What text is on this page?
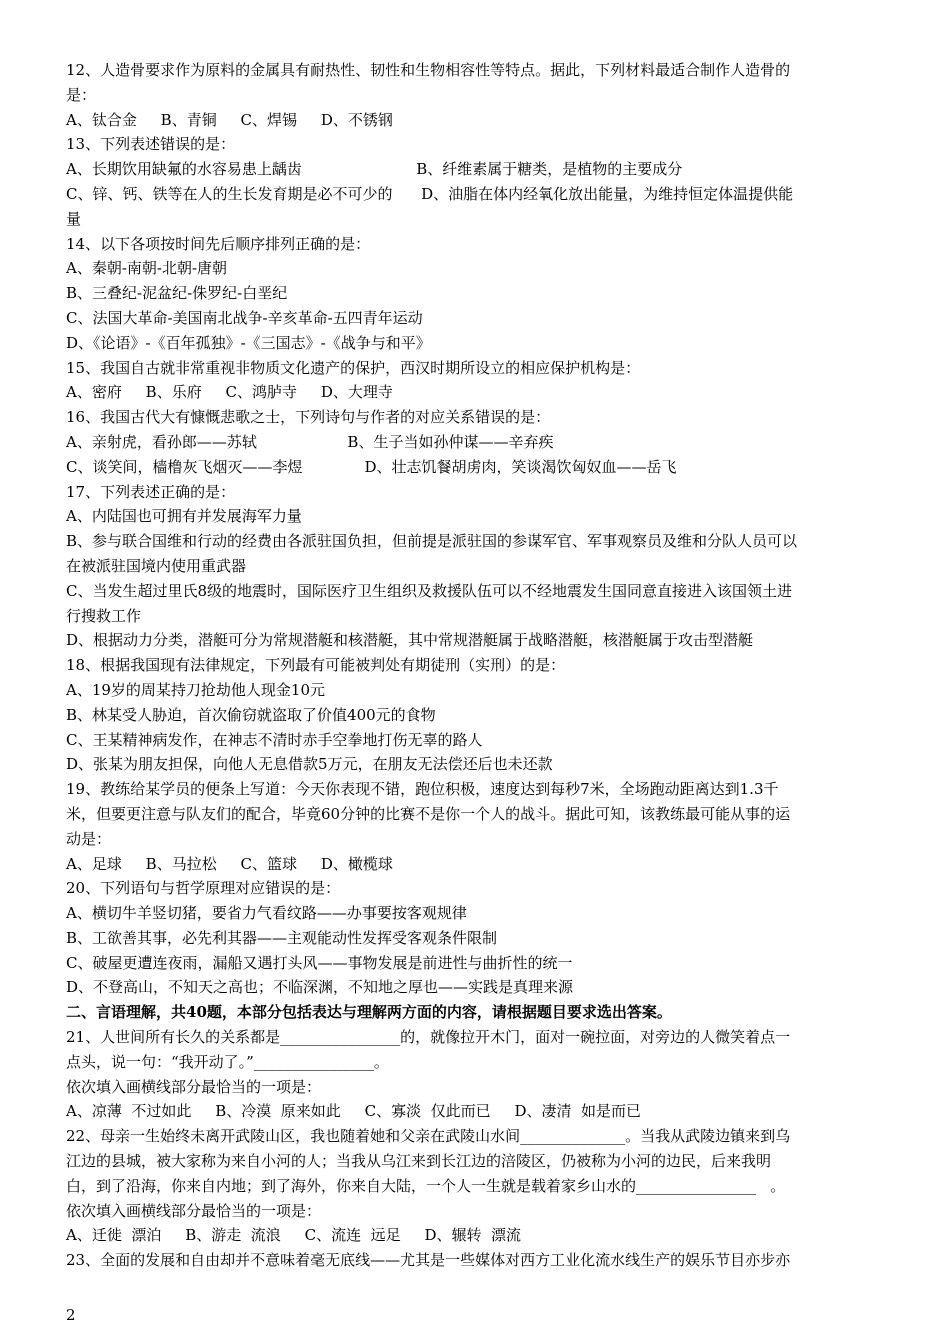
12、人造骨要求作为原料的金属具有耐热性、韧性和生物相容性等特点。据此，下列材料最适合制作人造骨的
是：
A、钛合金     B、青铜     C、焊锡     D、不锈钢
13、下列表述错误的是：
A、长期饮用缺氟的水容易患上龋齿                        B、纤维素属于糖类，是植物的主要成分
C、锌、钙、铁等在人的生长发育期是必不可少的      D、油脂在体内经氧化放出能量，为维持恒定体温提供能
量
14、以下各项按时间先后顺序排列正确的是：
A、秦朝-南朝-北朝-唐朝
B、三叠纪-泥盆纪-侏罗纪-白垩纪
C、法国大革命-美国南北战争-辛亥革命-五四青年运动
D、《论语》-《百年孤独》-《三国志》-《战争与和平》
15、我国自古就非常重视非物质文化遗产的保护，西汉时期所设立的相应保护机构是：
A、密府     B、乐府     C、鸿胪寺     D、大理寺
16、我国古代大有慷慨悲歌之士，下列诗句与作者的对应关系错误的是：
A、亲射虎，看孙郎——苏轼                   B、生子当如孙仲谋——辛弃疾
C、谈笑间，樯橹灰飞烟灭——李煜             D、壮志饥餐胡虏肉，笑谈渴饮匈奴血——岳飞
17、下列表述正确的是：
A、内陆国也可拥有并发展海军力量
B、参与联合国维和行动的经费由各派驻国负担，但前提是派驻国的参谋军官、军事观察员及维和分队人员可以
在被派驻国境内使用重武器
C、当发生超过里氏8级的地震时，国际医疗卫生组织及救援队伍可以不经地震发生国同意直接进入该国领土进
行搜救工作
D、根据动力分类，潜艇可分为常规潜艇和核潜艇，其中常规潜艇属于战略潜艇，核潜艇属于攻击型潜艇
18、根据我国现有法律规定，下列最有可能被判处有期徒刑（实刑）的是：
A、19岁的周某持刀抢劫他人现金10元
B、林某受人胁迫，首次偷窃就盗取了价值400元的食物
C、王某精神病发作，在神志不清时赤手空拳地打伤无辜的路人
D、张某为朋友担保，向他人无息借款5万元，在朋友无法偿还后也未还款
19、教练给某学员的便条上写道：今天你表现不错，跑位积极，速度达到每秒7米，全场跑动距离达到1.3千
米，但要更注意与队友们的配合，毕竟60分钟的比赛不是你一个人的战斗。据此可知，该教练最可能从事的运
动是：
A、足球     B、马拉松     C、篮球     D、橄榄球
20、下列语句与哲学原理对应错误的是：
A、横切牛羊竖切猪，要省力气看纹路——办事要按客观规律
B、工欲善其事，必先利其器——主观能动性发挥受客观条件限制
C、破屋更遭连夜雨，漏船又遇打头风——事物发展是前进性与曲折性的统一
D、不登高山，不知天之高也；不临深渊，不知地之厚也——实践是真理来源
二、言语理解，共40题，本部分包括表达与理解两方面的内容，请根据题目要求选出答案。
21、人世间所有长久的关系都是________________的，就像拉开木门，面对一碗拉面，对旁边的人微笑着点一
点头，说一句：“我开动了。”________________。
依次填入画横线部分最恰当的一项是：
A、凉薄  不过如此     B、冷漠  原来如此     C、寡淡  仅此而已     D、凄清  如是而已
22、母亲一生始终未离开武陵山区，我也随着她和父亲在武陵山水间______________。当我从武陵边镇来到乌
江边的县城，被大家称为来自小河的人；当我从乌江来到长江边的涪陵区，仍被称为小河的边民，后来我明
白，到了沿海，你来自内地；到了海外，你来自大陆，一个人一生就是载着家乡山水的________________   。
依次填入画横线部分最恰当的一项是：
A、迁徙  漂泊     B、游走  流浪     C、流连  远足     D、辗转  漂流
23、全面的发展和自由却并不意味着毫无底线——尤其是一些媒体对西方工业化流水线生产的娱乐节目亦步亦
2
